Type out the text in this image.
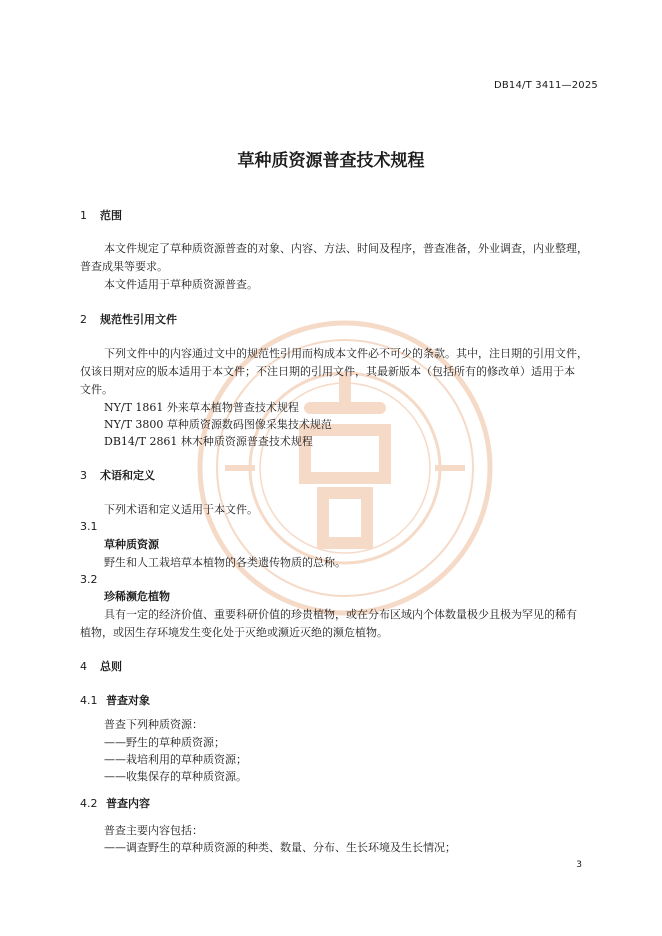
DB14/T 3411—2025
草种质资源普查技术规程
1 范围
本文件规定了草种质资源普查的对象、内容、方法、时间及程序，普查准备，外业调查，内业整理，
普查成果等要求。
本文件适用于草种质资源普查。
2 规范性引用文件
下列文件中的内容通过文中的规范性引用而构成本文件必不可少的条款。其中，注日期的引用文件，
仅该日期对应的版本适用于本文件；不注日期的引用文件，其最新版本（包括所有的修改单）适用于本
文件。
NY/T 1861 外来草本植物普查技术规程
NY/T 3800 草种质资源数码图像采集技术规范
DB14/T 2861 林木种质资源普查技术规程
3 术语和定义
下列术语和定义适用于本文件。
3.1
草种质资源
野生和人工栽培草本植物的各类遗传物质的总称。
3.2
珍稀濒危植物
具有一定的经济价值、重要科研价值的珍贵植物，或在分布区域内个体数量极少且极为罕见的稀有
植物，或因生存环境发生变化处于灭绝或濒近灭绝的濒危植物。
4 总则
4.1 普查对象
普查下列种质资源：
——野生的草种质资源；
——栽培利用的草种质资源；
——收集保存的草种质资源。
4.2 普查内容
普查主要内容包括：
——调查野生的草种质资源的种类、数量、分布、生长环境及生长情况；
3
